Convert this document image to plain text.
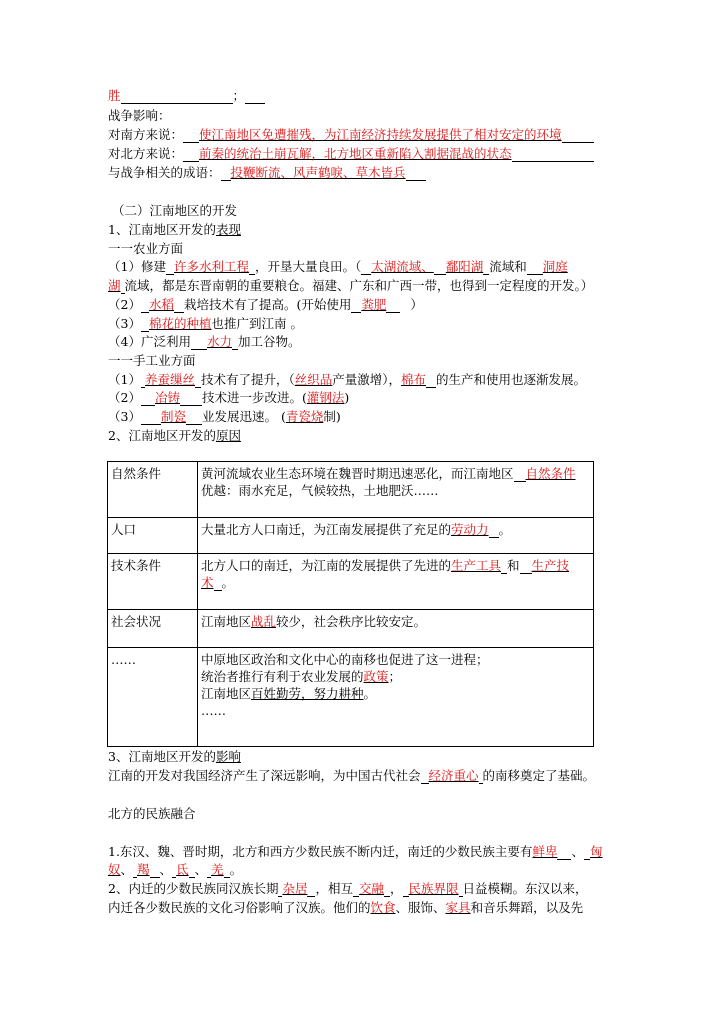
胜	；
战争影响：
对南方来说： 使江南地区免遭摧残，为江南经济持续发展提供了相对安定的环境
对北方来说： 前秦的统治土崩瓦解，北方地区重新陷入割据混战的状态
与战争相关的成语： 投鞭断流、风声鹤唳、草木皆兵
（二）江南地区的开发
1、江南地区开发的表现
一一农业方面
（1）修建 许多水利工程 ，开垦大量良田。（ 太湖流域、 鄱阳湖 流域和 洞庭
湖 流域，都是东晋南朝的重要粮仓。福建、广东和广西一带，也得到一定程度的开发。）
（2） 水稻 栽培技术有了提高。(开始使用 粪肥 ）
（3） 棉花的种植也推广到江南 。
（4）广泛利用 水力 加工谷物。
一一手工业方面
（1） 养蚕缫丝 技术有了提升，（丝织品产量激增），棉布 的生产和使用也逐渐发展。
（2） 冶铸 技术进一步改进。(灌钢法)
（3） 制瓷 业发展迅速。 (青瓷烧制)
2、江南地区开发的原因
自然条件	黄河流域农业生态环境在魏晋时期迅速恶化，而江南地区 自然条件
优越：雨水充足，气候较热，土地肥沃……
人口	大量北方人口南迁，为江南发展提供了充足的劳动力 。
技术条件	北方人口的南迁，为江南的发展提供了先进的生产工具 和 生产技
术 。
社会状况	江南地区战乱较少，社会秩序比较安定。
……	中原地区政治和文化中心的南移也促进了这一进程；
统治者推行有利于农业发展的政策；
江南地区百姓勤劳，努力耕种。
……
3、江南地区开发的影响
江南的开发对我国经济产生了深远影响，为中国古代社会 经济重心 的南移奠定了基础。
北方的民族融合
1.东汉、魏、晋时期，北方和西方少数民族不断内迁，南迁的少数民族主要有鲜卑 、 匈
奴、 羯 、 氐 、 羌 。
2、内迁的少数民族同汉族长期 杂居 ，相互 交融 ， 民族界限 日益模糊。东汉以来，
内迁各少数民族的文化习俗影响了汉族。他们的饮食、服饰、家具和音乐舞蹈，以及先
